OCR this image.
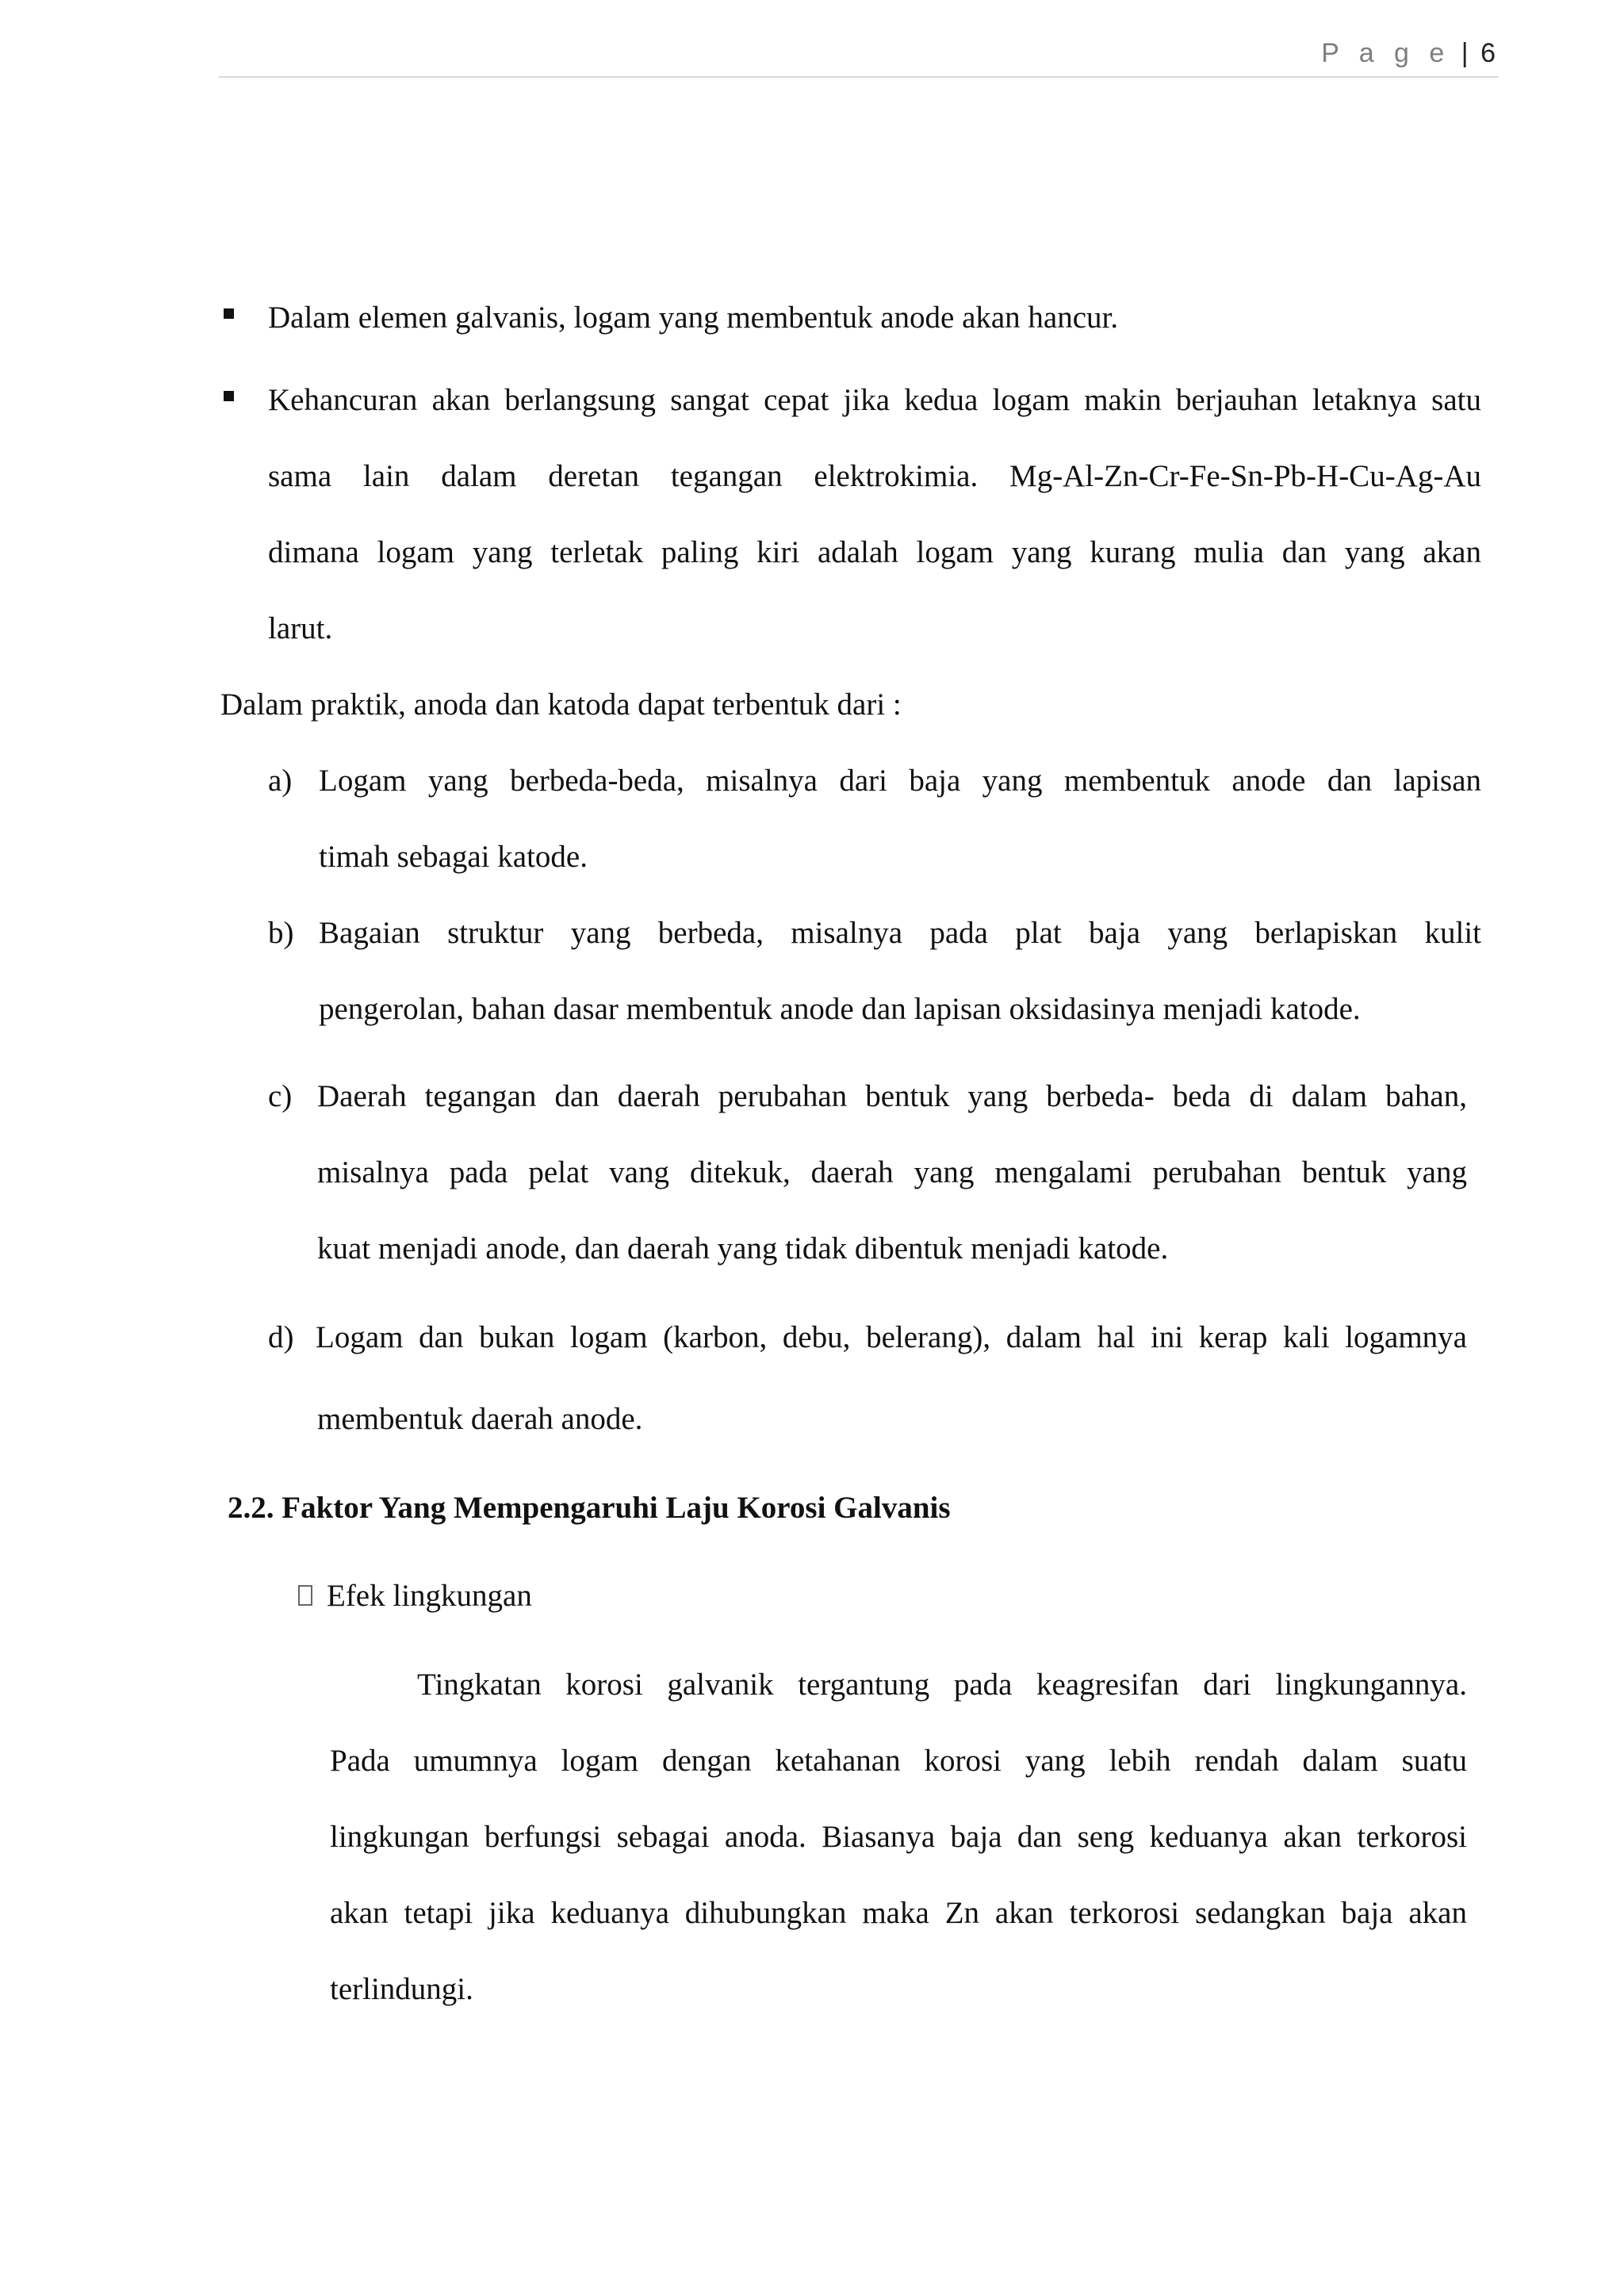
P a g e | 6
Dalam elemen galvanis, logam yang membentuk anode akan hancur.
Kehancuran akan berlangsung sangat cepat jika kedua logam makin berjauhan letaknya satu
sama lain dalam deretan tegangan elektrokimia. Mg-Al-Zn-Cr-Fe-Sn-Pb-H-Cu-Ag-Au
dimana logam yang terletak paling kiri adalah logam yang kurang mulia dan yang akan
larut.
Dalam praktik, anoda dan katoda dapat terbentuk dari :
a) Logam yang berbeda-beda, misalnya dari baja yang membentuk anode dan lapisan
timah sebagai katode.
b) Bagaian struktur yang berbeda, misalnya pada plat baja yang berlapiskan kulit
pengerolan, bahan dasar membentuk anode dan lapisan oksidasinya menjadi katode.
c) Daerah tegangan dan daerah perubahan bentuk yang berbeda- beda di dalam bahan,
misalnya pada pelat vang ditekuk, daerah yang mengalami perubahan bentuk yang
kuat menjadi anode, dan daerah yang tidak dibentuk menjadi katode.
d) Logam dan bukan logam (karbon, debu, belerang), dalam hal ini kerap kali logamnya
membentuk daerah anode.
2.2. Faktor Yang Mempengaruhi Laju Korosi Galvanis
Efek lingkungan
Tingkatan korosi galvanik tergantung pada keagresifan dari lingkungannya.
Pada umumnya logam dengan ketahanan korosi yang lebih rendah dalam suatu
lingkungan berfungsi sebagai anoda. Biasanya baja dan seng keduanya akan terkorosi
akan tetapi jika keduanya dihubungkan maka Zn akan terkorosi sedangkan baja akan
terlindungi.
